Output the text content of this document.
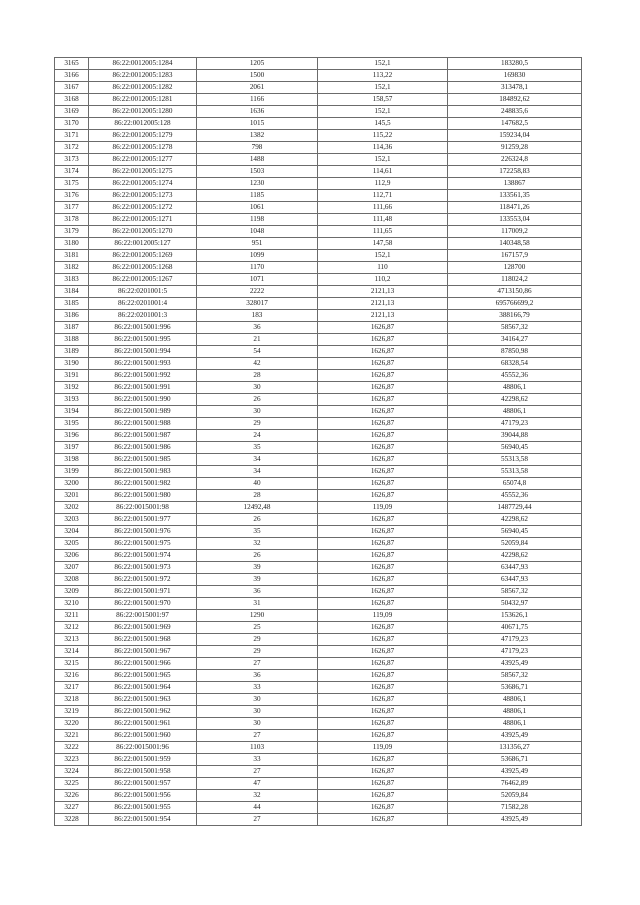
3165	86:22:0012005:1284	1205	152,1	183280,5
3166	86:22:0012005:1283	1500	113,22	169830
3167	86:22:0012005:1282	2061	152,1	313478,1
3168	86:22:0012005:1281	1166	158,57	184892,62
3169	86:22:0012005:1280	1636	152,1	248835,6
3170	86:22:0012005:128	1015	145,5	147682,5
3171	86:22:0012005:1279	1382	115,22	159234,04
3172	86:22:0012005:1278	798	114,36	91259,28
3173	86:22:0012005:1277	1488	152,1	226324,8
3174	86:22:0012005:1275	1503	114,61	172258,83
3175	86:22:0012005:1274	1230	112,9	138867
3176	86:22:0012005:1273	1185	112,71	133561,35
3177	86:22:0012005:1272	1061	111,66	118471,26
3178	86:22:0012005:1271	1198	111,48	133553,04
3179	86:22:0012005:1270	1048	111,65	117009,2
3180	86:22:0012005:127	951	147,58	140348,58
3181	86:22:0012005:1269	1099	152,1	167157,9
3182	86:22:0012005:1268	1170	110	128700
3183	86:22:0012005:1267	1071	110,2	118024,2
3184	86:22:0201001:5	2222	2121,13	4713150,86
3185	86:22:0201001:4	328017	2121,13	695766699,2
3186	86:22:0201001:3	183	2121,13	388166,79
3187	86:22:0015001:996	36	1626,87	58567,32
3188	86:22:0015001:995	21	1626,87	34164,27
3189	86:22:0015001:994	54	1626,87	87850,98
3190	86:22:0015001:993	42	1626,87	68328,54
3191	86:22:0015001:992	28	1626,87	45552,36
3192	86:22:0015001:991	30	1626,87	48806,1
3193	86:22:0015001:990	26	1626,87	42298,62
3194	86:22:0015001:989	30	1626,87	48806,1
3195	86:22:0015001:988	29	1626,87	47179,23
3196	86:22:0015001:987	24	1626,87	39044,88
3197	86:22:0015001:986	35	1626,87	56940,45
3198	86:22:0015001:985	34	1626,87	55313,58
3199	86:22:0015001:983	34	1626,87	55313,58
3200	86:22:0015001:982	40	1626,87	65074,8
3201	86:22:0015001:980	28	1626,87	45552,36
3202	86:22:0015001:98	12492,48	119,09	1487729,44
3203	86:22:0015001:977	26	1626,87	42298,62
3204	86:22:0015001:976	35	1626,87	56940,45
3205	86:22:0015001:975	32	1626,87	52059,84
3206	86:22:0015001:974	26	1626,87	42298,62
3207	86:22:0015001:973	39	1626,87	63447,93
3208	86:22:0015001:972	39	1626,87	63447,93
3209	86:22:0015001:971	36	1626,87	58567,32
3210	86:22:0015001:970	31	1626,87	50432,97
3211	86:22:0015001:97	1290	119,09	153626,1
3212	86:22:0015001:969	25	1626,87	40671,75
3213	86:22:0015001:968	29	1626,87	47179,23
3214	86:22:0015001:967	29	1626,87	47179,23
3215	86:22:0015001:966	27	1626,87	43925,49
3216	86:22:0015001:965	36	1626,87	58567,32
3217	86:22:0015001:964	33	1626,87	53686,71
3218	86:22:0015001:963	30	1626,87	48806,1
3219	86:22:0015001:962	30	1626,87	48806,1
3220	86:22:0015001:961	30	1626,87	48806,1
3221	86:22:0015001:960	27	1626,87	43925,49
3222	86:22:0015001:96	1103	119,09	131356,27
3223	86:22:0015001:959	33	1626,87	53686,71
3224	86:22:0015001:958	27	1626,87	43925,49
3225	86:22:0015001:957	47	1626,87	76462,89
3226	86:22:0015001:956	32	1626,87	52059,84
3227	86:22:0015001:955	44	1626,87	71582,28
3228	86:22:0015001:954	27	1626,87	43925,49
